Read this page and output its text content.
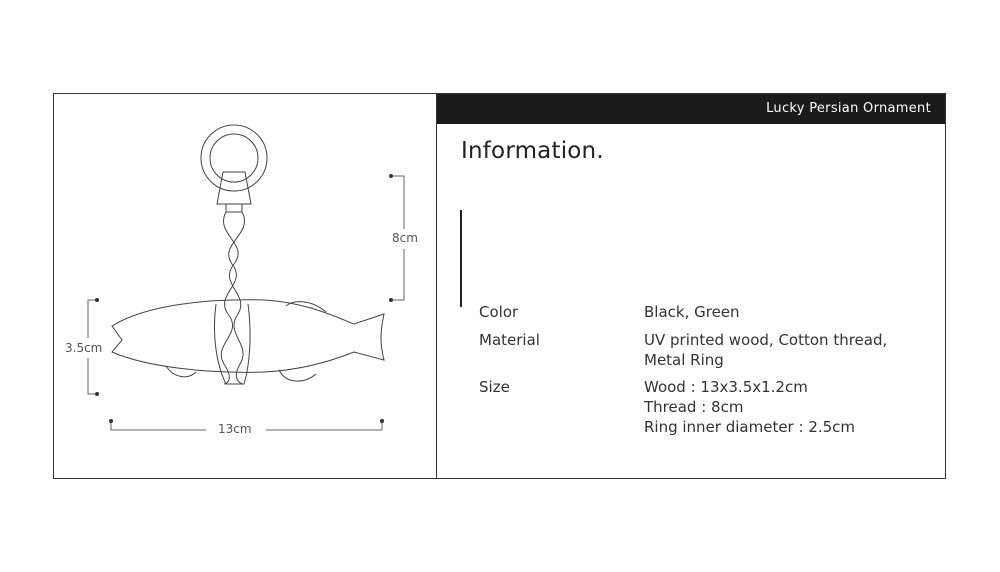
8cm
3.5cm
13cm
Lucky Persian Ornament
Information.
Color	Black, Green
Material	UV printed wood, Cotton thread,
Metal Ring
Size	Wood : 13x3.5x1.2cm
Thread : 8cm
Ring inner diameter : 2.5cm
